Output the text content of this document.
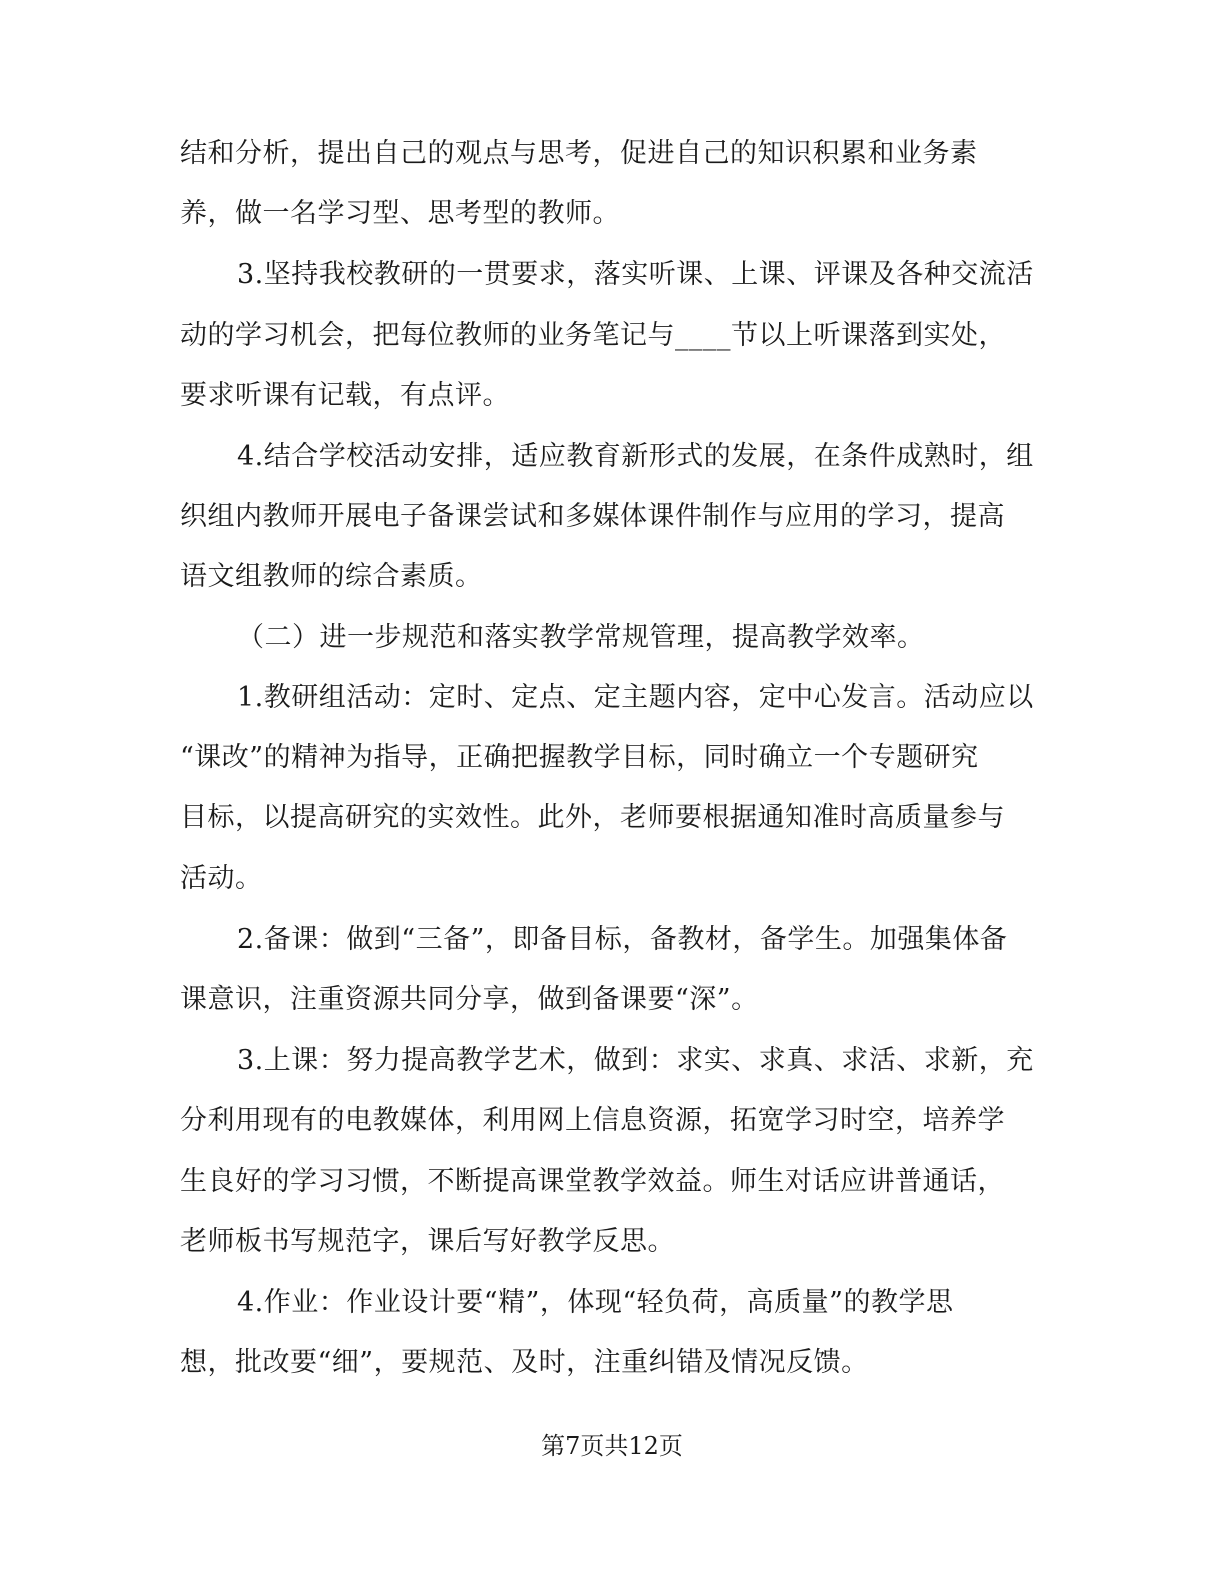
结和分析，提出自己的观点与思考，促进自己的知识积累和业务素
养，做一名学习型、思考型的教师。
3.坚持我校教研的一贯要求，落实听课、上课、评课及各种交流活
动的学习机会，把每位教师的业务笔记与____节以上听课落到实处，
要求听课有记载，有点评。
4.结合学校活动安排，适应教育新形式的发展，在条件成熟时，组
织组内教师开展电子备课尝试和多媒体课件制作与应用的学习，提高
语文组教师的综合素质。
（二）进一步规范和落实教学常规管理，提高教学效率。
1.教研组活动：定时、定点、定主题内容，定中心发言。活动应以
“课改”的精神为指导，正确把握教学目标，同时确立一个专题研究
目标，以提高研究的实效性。此外，老师要根据通知准时高质量参与
活动。
2.备课：做到“三备”，即备目标，备教材，备学生。加强集体备
课意识，注重资源共同分享，做到备课要“深”。
3.上课：努力提高教学艺术，做到：求实、求真、求活、求新，充
分利用现有的电教媒体，利用网上信息资源，拓宽学习时空，培养学
生良好的学习习惯，不断提高课堂教学效益。师生对话应讲普通话，
老师板书写规范字，课后写好教学反思。
4.作业：作业设计要“精”，体现“轻负荷，高质量”的教学思
想，批改要“细”，要规范、及时，注重纠错及情况反馈。
第7页共12页
